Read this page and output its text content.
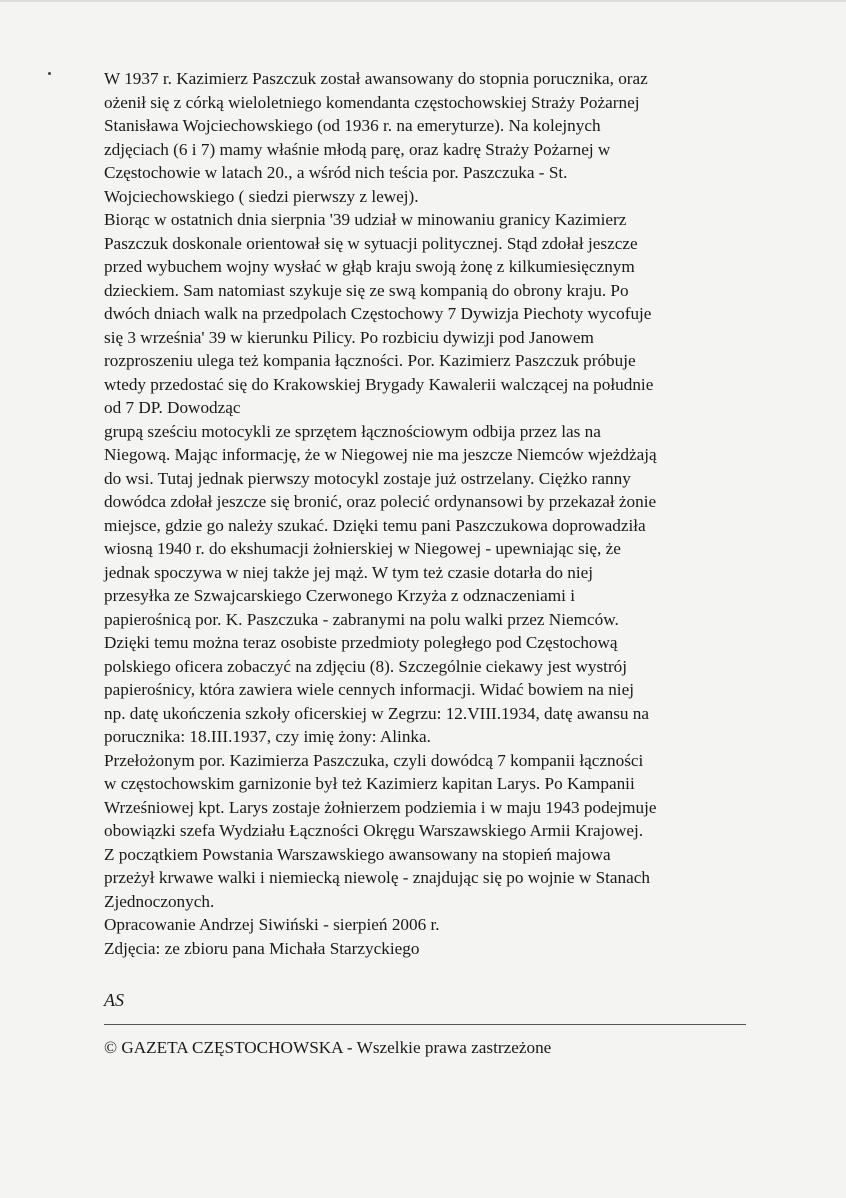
W 1937 r. Kazimierz Paszczuk został awansowany do stopnia porucznika, oraz
ożenił się z córką wieloletniego komendanta częstochowskiej Straży Pożarnej
Stanisława Wojciechowskiego (od 1936 r. na emeryturze). Na kolejnych
zdjęciach (6 i 7) mamy właśnie młodą parę, oraz kadrę Straży Pożarnej w
Częstochowie w latach 20., a wśród nich teścia por. Paszczuka - St.
Wojciechowskiego ( siedzi pierwszy z lewej).

Biorąc w ostatnich dnia sierpnia '39 udział w minowaniu granicy Kazimierz
Paszczuk doskonale orientował się w sytuacji politycznej. Stąd zdołał jeszcze
przed wybuchem wojny wysłać w głąb kraju swoją żonę z kilkumiesięcznym
dzieckiem. Sam natomiast szykuje się ze swą kompanią do obrony kraju. Po
dwóch dniach walk na przedpolach Częstochowy 7 Dywizja Piechoty wycofuje
się 3 września' 39 w kierunku Pilicy. Po rozbiciu dywizji pod Janowem
rozproszeniu ulega też kompania łączności. Por. Kazimierz Paszczuk próbuje
wtedy przedostać się do Krakowskiej Brygady Kawalerii walczącej na południe
od 7 DP. Dowodząc
grupą sześciu motocykli ze sprzętem łącznościowym odbija przez las na
Niegową. Mając informację, że w Niegowej nie ma jeszcze Niemców wjeżdżają
do wsi. Tutaj jednak pierwszy motocykl zostaje już ostrzelany. Ciężko ranny
dowódca zdołał jeszcze się bronić, oraz polecić ordynansowi by przekazał żonie
miejsce, gdzie go należy szukać. Dzięki temu pani Paszczukowa doprowadziła
wiosną 1940 r. do ekshumacji żołnierskiej w Niegowej - upewniając się, że
jednak spoczywa w niej także jej mąż. W tym też czasie dotarła do niej
przesyłka ze Szwajcarskiego Czerwonego Krzyża z odznaczeniami i
papierośnicą por. K. Paszczuka - zabranymi na polu walki przez Niemców.
Dzięki temu można teraz osobiste przedmioty poległego pod Częstochową
polskiego oficera zobaczyć na zdjęciu (8). Szczególnie ciekawy jest wystrój
papierośnicy, która zawiera wiele cennych informacji. Widać bowiem na niej
np. datę ukończenia szkoły oficerskiej w Zegrzu: 12.VIII.1934, datę awansu na
porucznika: 18.III.1937, czy imię żony: Alinka.

Przełożonym por. Kazimierza Paszczuka, czyli dowódcą 7 kompanii łączności
w częstochowskim garnizonie był też Kazimierz kapitan Larys. Po Kampanii
Wrześniowej kpt. Larys zostaje żołnierzem podziemia i w maju 1943 podejmuje
obowiązki szefa Wydziału Łączności Okręgu Warszawskiego Armii Krajowej.
Z początkiem Powstania Warszawskiego awansowany na stopień majowa
przeżył krwawe walki i niemiecką niewolę - znajdując się po wojnie w Stanach
Zjednoczonych.

Opracowanie Andrzej Siwiński - sierpień 2006 r.

Zdjęcia: ze zbioru pana Michała Starzyckiego

AS
© GAZETA CZĘSTOCHOWSKA - Wszelkie prawa zastrzeżone
